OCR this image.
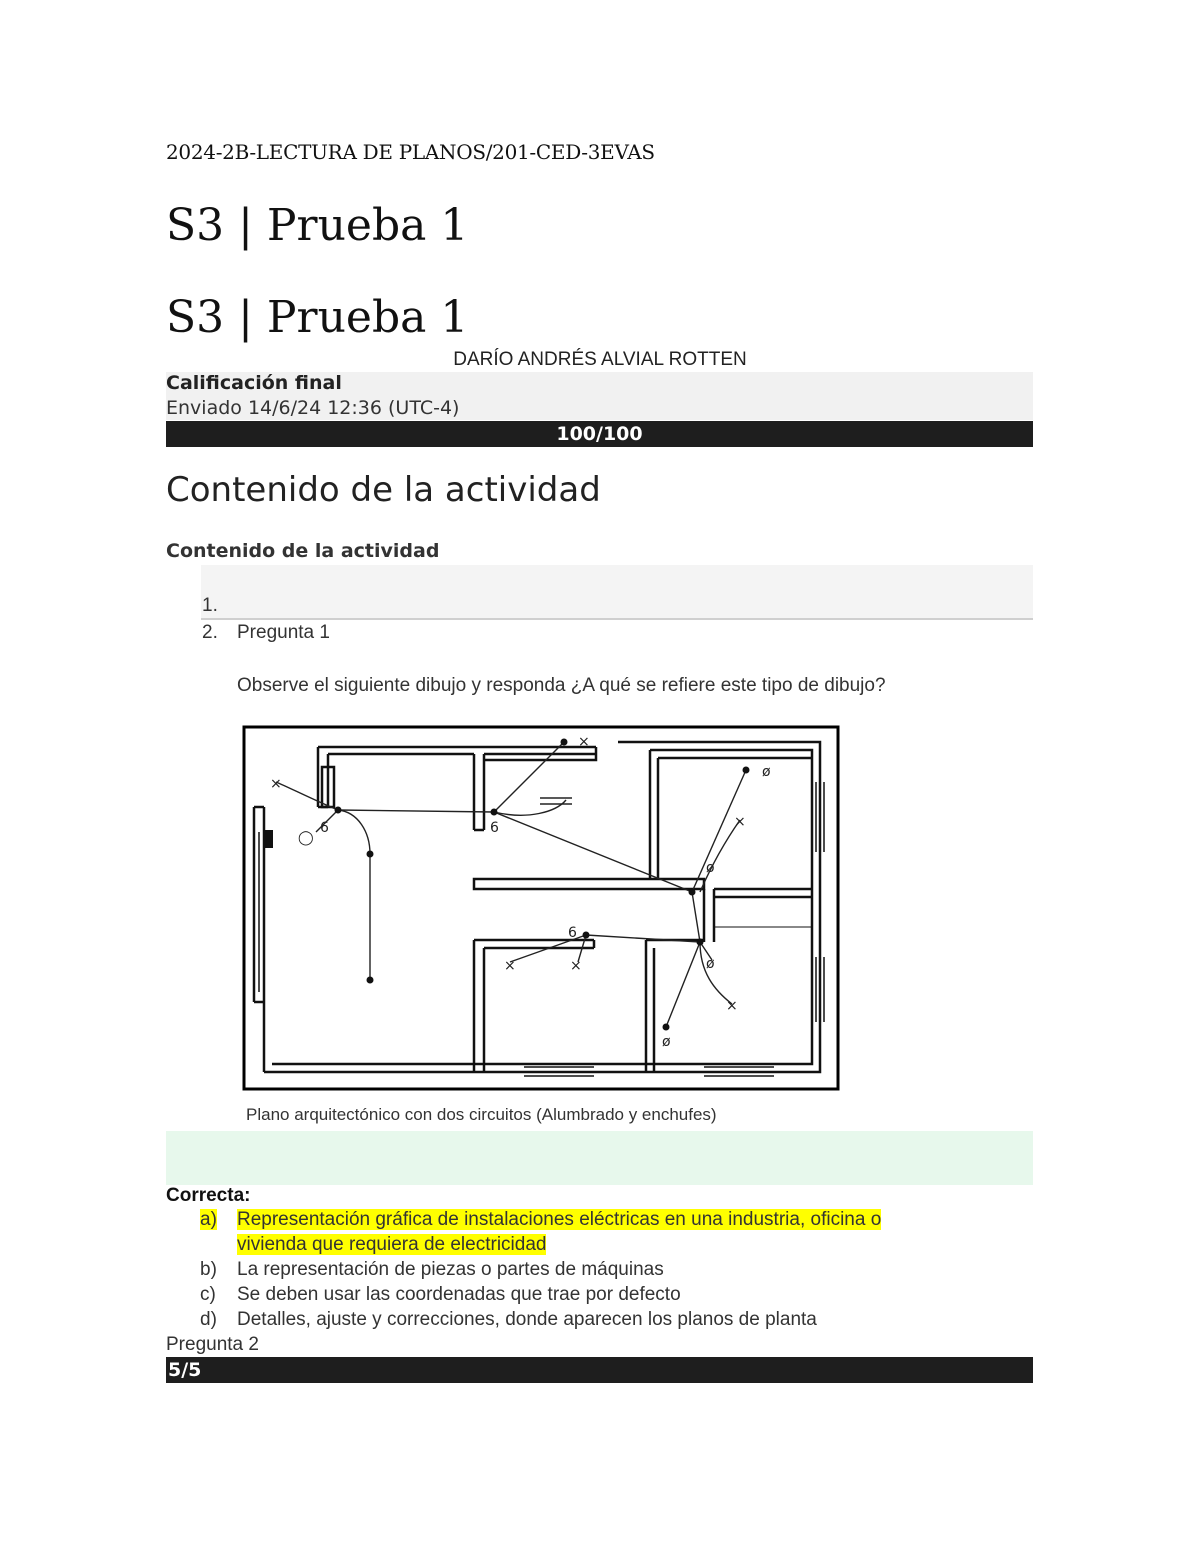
2024-2B-LECTURA DE PLANOS/201-CED-3EVAS
S3 | Prueba 1
S3 | Prueba 1
DARÍO ANDRÉS ALVIAL ROTTEN
Calificación final
Enviado 14/6/24 12:36 (UTC-4)
100/100
Contenido de la actividad
Contenido de la actividad
1.
2. Pregunta 1
Observe el siguiente dibujo y responda ¿A qué se refiere este tipo de dibujo?
×
×
×
×	×
×
ø
ø
ø
ø
◯
6	6
6
Plano arquitectónico con dos circuitos (Alumbrado y enchufes)
Correcta:
a) Representación gráfica de instalaciones eléctricas en una industria, oficina o
vivienda que requiera de electricidad
b) La representación de piezas o partes de máquinas
c) Se deben usar las coordenadas que trae por defecto
d) Detalles, ajuste y correcciones, donde aparecen los planos de planta
Pregunta 2
5/5
